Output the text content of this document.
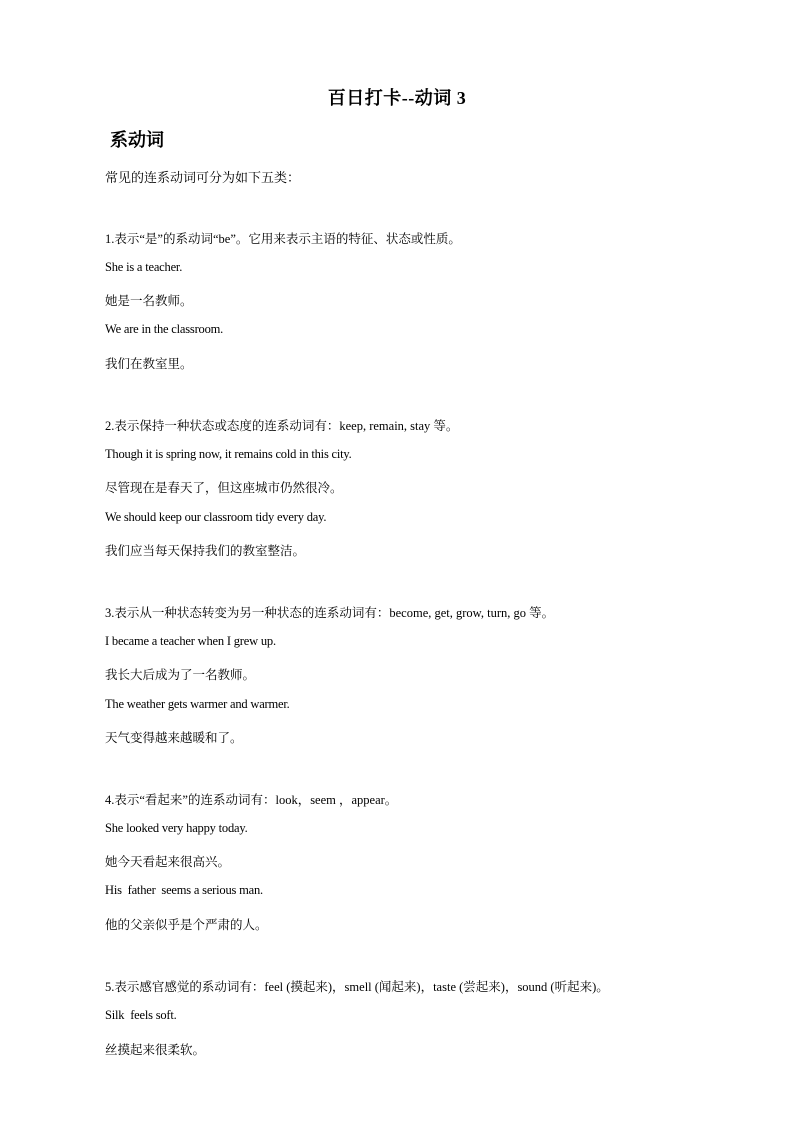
百日打卡--动词 3
系动词
常见的连系动词可分为如下五类：
1.表示“是”的系动词“be”。它用来表示主语的特征、状态或性质。
She is a teacher.
她是一名教师。
We are in the classroom.
我们在教室里。
2.表示保持一种状态或态度的连系动词有：keep, remain, stay 等。
Though it is spring now, it remains cold in this city.
尽管现在是春天了，但这座城市仍然很冷。
We should keep our classroom tidy every day.
我们应当每天保持我们的教室整洁。
3.表示从一种状态转变为另一种状态的连系动词有：become, get, grow, turn, go 等。
I became a teacher when I grew up.
我长大后成为了一名教师。
The weather gets warmer and warmer.
天气变得越来越暖和了。
4.表示“看起来”的连系动词有：look，seem ，appear。
She looked very happy today.
她今天看起来很高兴。
His  father  seems a serious man.
他的父亲似乎是个严肃的人。
5.表示感官感觉的系动词有：feel (摸起来)，smell (闻起来)，taste (尝起来)，sound (听起来)。
Silk  feels soft.
丝摸起来很柔软。
